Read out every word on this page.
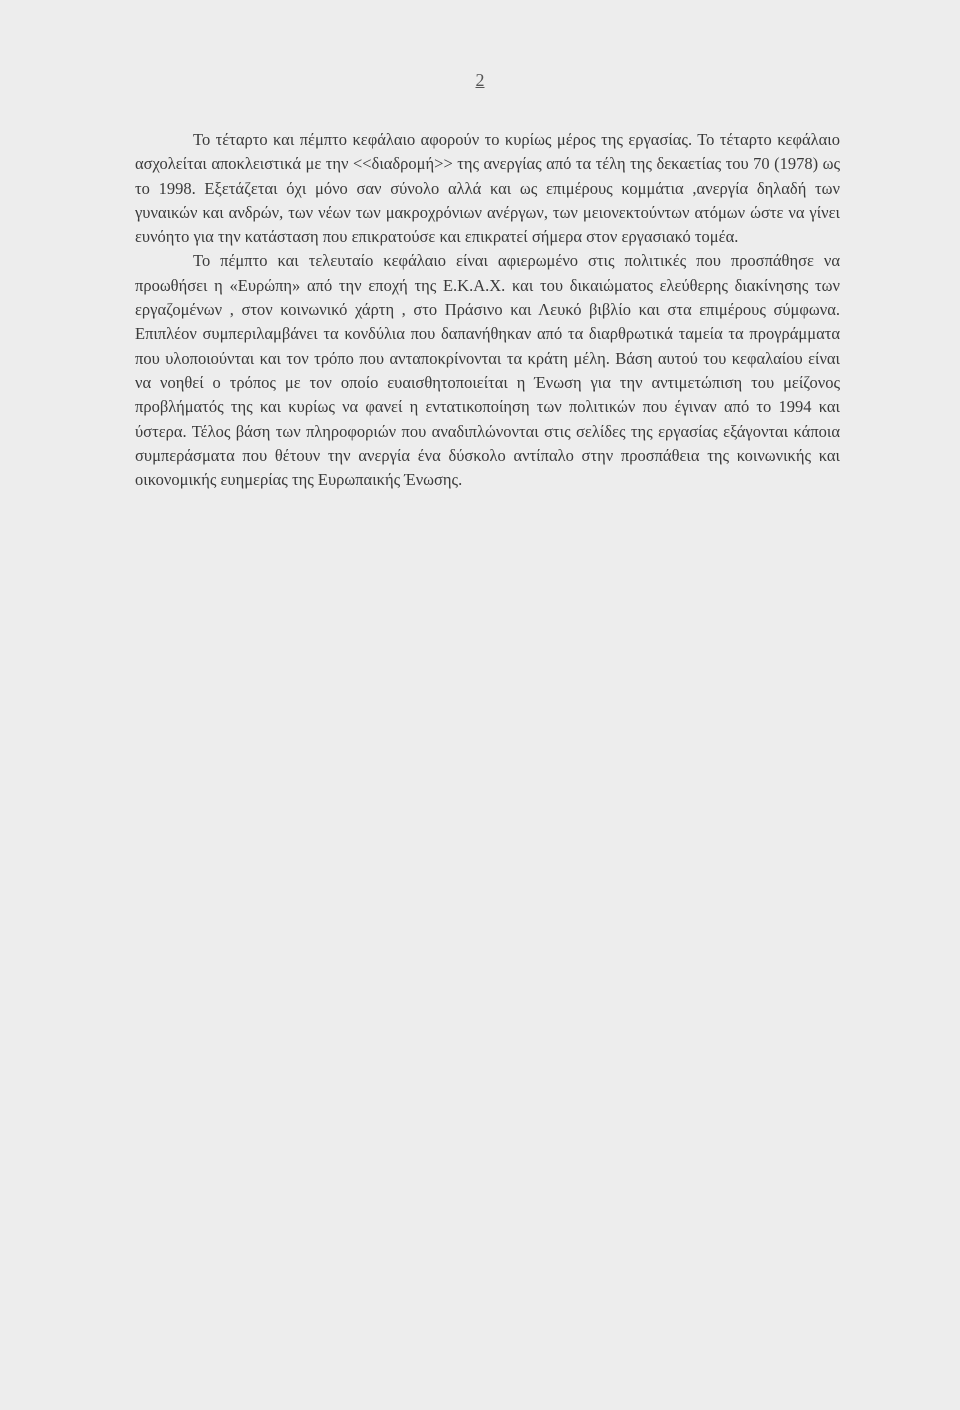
2

Το τέταρτο και πέμπτο κεφάλαιο αφορούν το κυρίως μέρος της εργασίας. Το τέταρτο κεφάλαιο ασχολείται αποκλειστικά με την <<διαδρομή>> της ανεργίας από τα τέλη της δεκαετίας του 70 (1978) ως το 1998. Εξετάζεται όχι μόνο σαν σύνολο αλλά και ως επιμέρους κομμάτια ,ανεργία δηλαδή των γυναικών και ανδρών, των νέων των μακροχρόνιων ανέργων, των μειονεκτούντων ατόμων ώστε να γίνει ευνόητο για την κατάσταση που επικρατούσε και επικρατεί σήμερα στον εργασιακό τομέα.

Το πέμπτο και τελευταίο κεφάλαιο είναι αφιερωμένο στις πολιτικές που προσπάθησε να προωθήσει η «Ευρώπη» από την εποχή της Ε.Κ.Α.Χ. και του δικαιώματος ελεύθερης διακίνησης των εργαζομένων , στον κοινωνικό χάρτη , στο Πράσινο και Λευκό βιβλίο και στα επιμέρους σύμφωνα. Επιπλέον συμπεριλαμβάνει τα κονδύλια που δαπανήθηκαν από τα διαρθρωτικά ταμεία τα προγράμματα που υλοποιούνται και τον τρόπο που ανταποκρίνονται τα κράτη μέλη. Βάση αυτού του κεφαλαίου είναι να νοηθεί ο τρόπος με τον οποίο ευαισθητοποιείται η Ένωση για την αντιμετώπιση του μείζονος προβλήματός της και κυρίως να φανεί η εντατικοποίηση των πολιτικών που έγιναν από το 1994 και ύστερα. Τέλος βάση των πληροφοριών που αναδιπλώνονται στις σελίδες της εργασίας εξάγονται κάποια συμπεράσματα που θέτουν την ανεργία ένα δύσκολο αντίπαλο στην προσπάθεια της κοινωνικής και οικονομικής ευημερίας της Ευρωπαικής Ένωσης.
